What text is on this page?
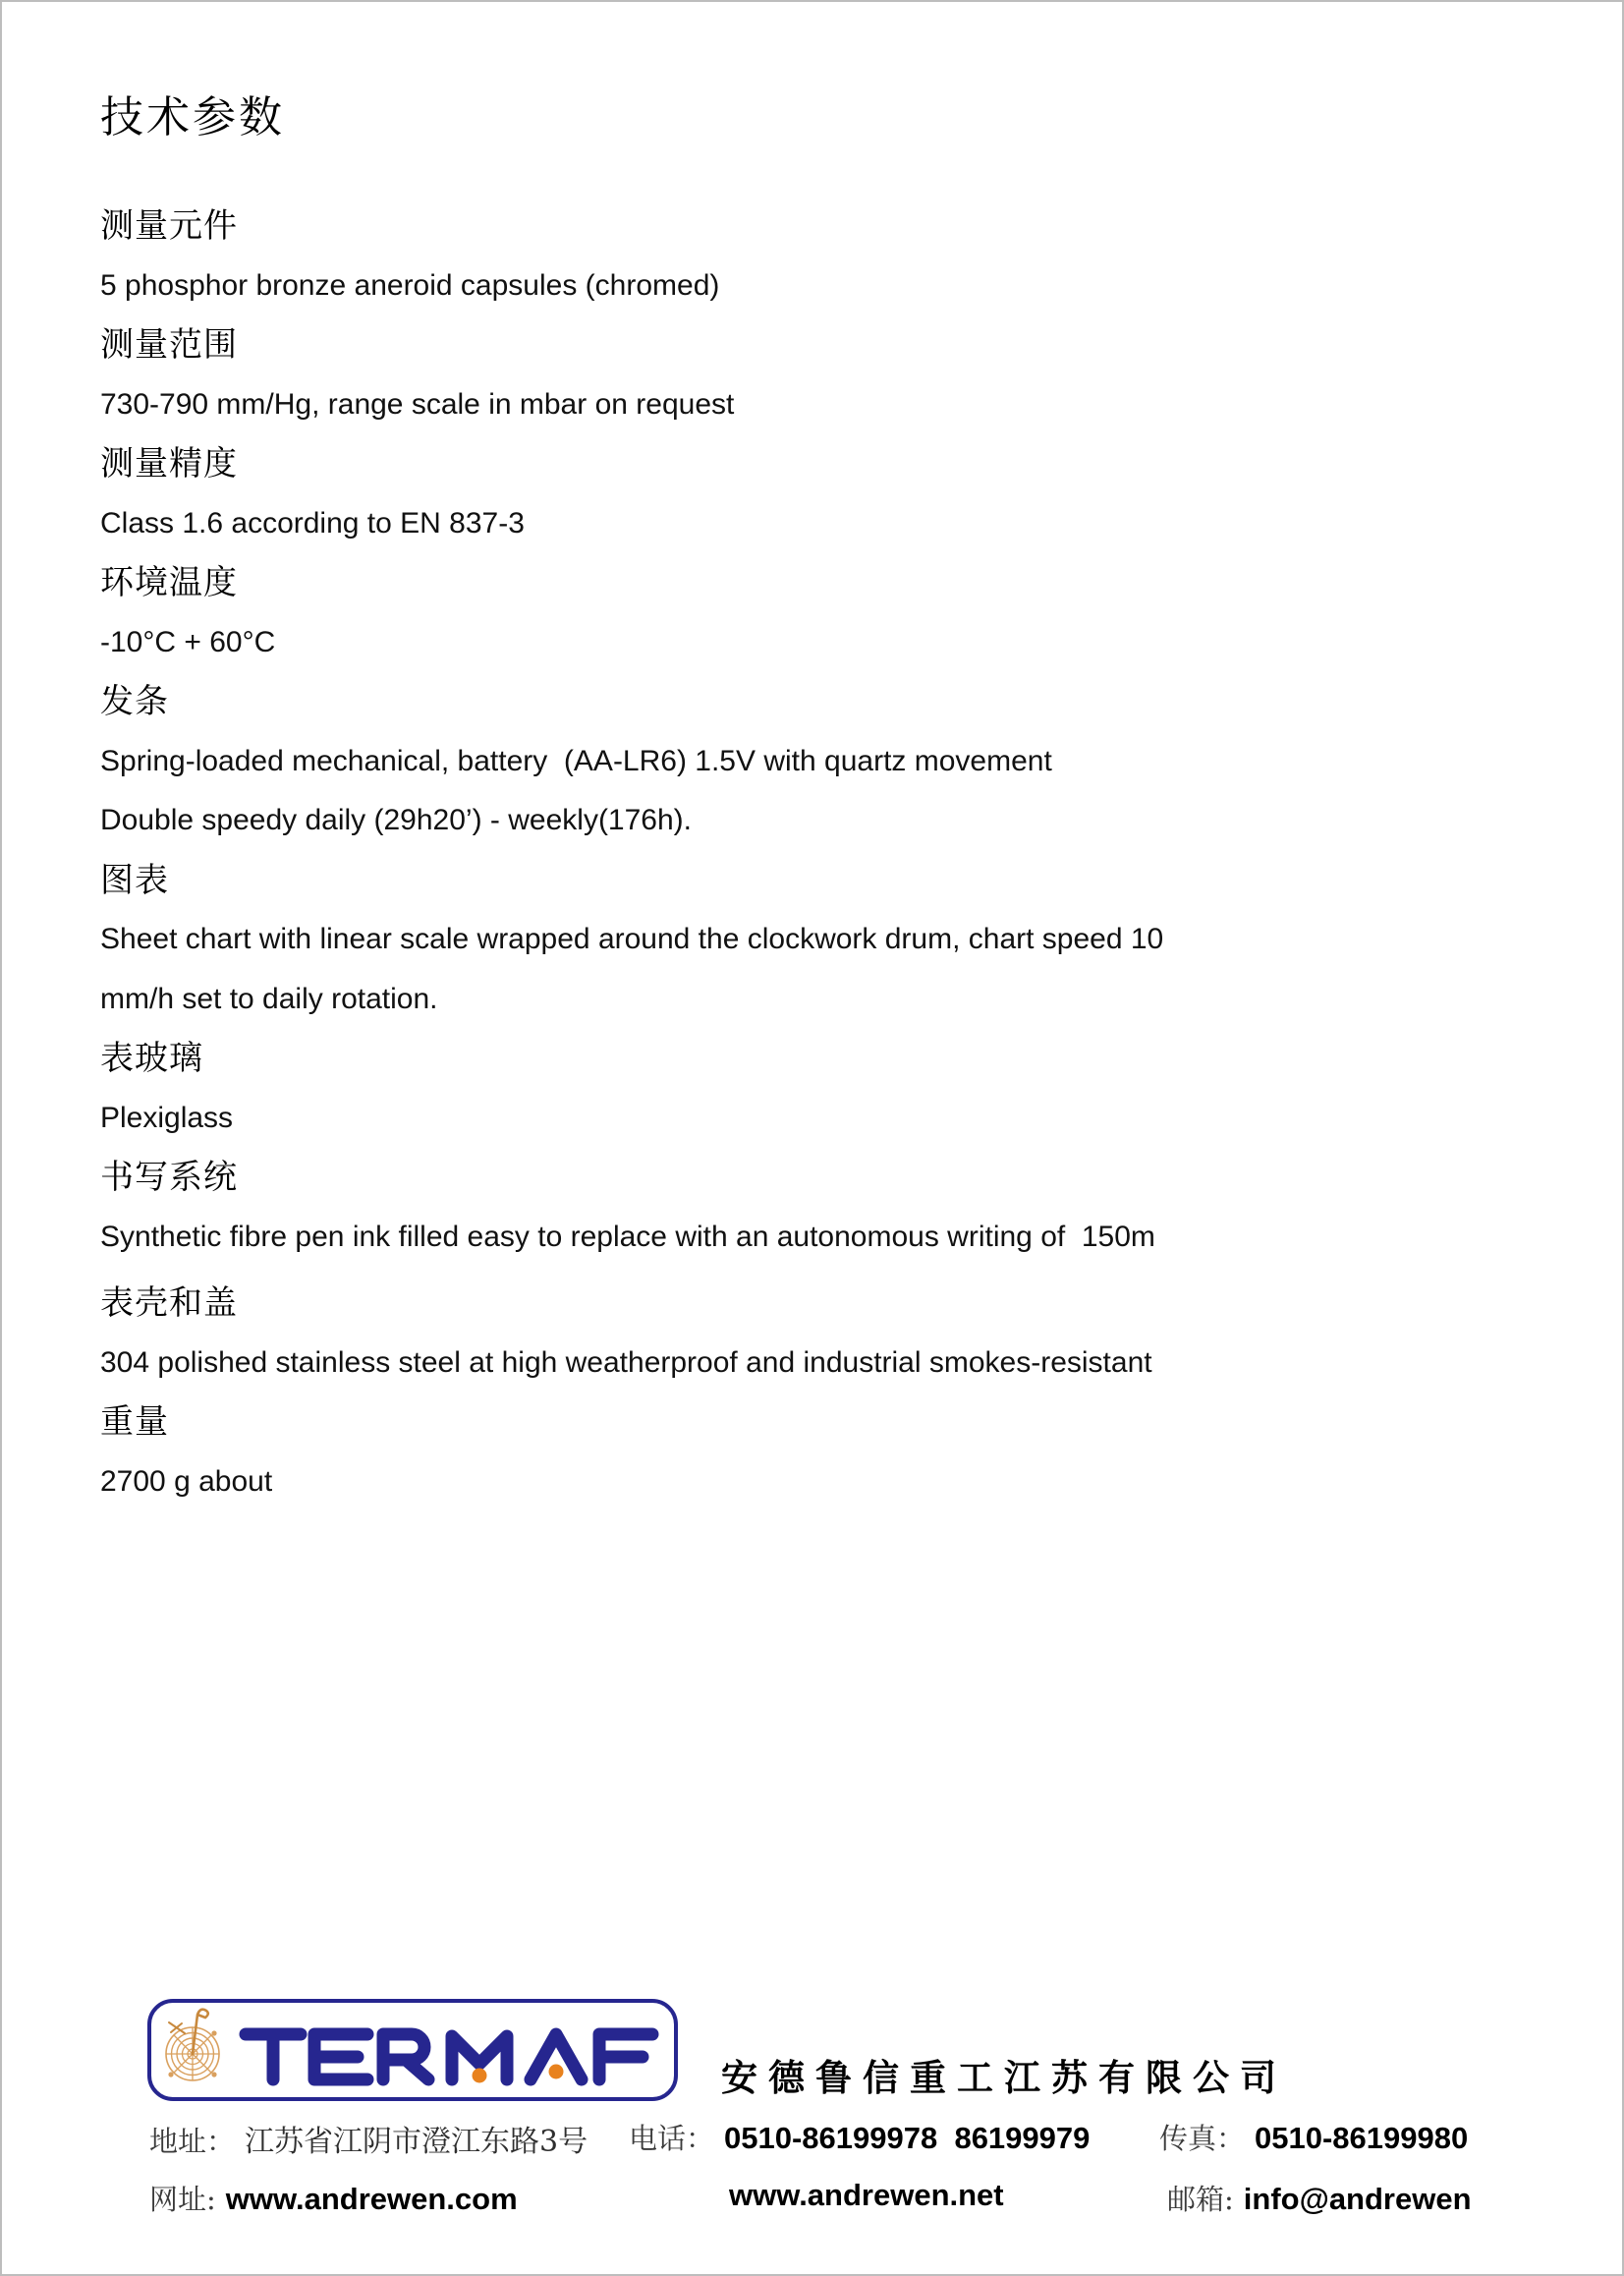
技术参数
测量元件
5 phosphor bronze aneroid capsules (chromed)
测量范围
730-790 mm/Hg, range scale in mbar on request
测量精度
Class 1.6 according to EN 837-3
环境温度
-10°C + 60°C
发条
Spring-loaded mechanical, battery  (AA-LR6) 1.5V with quartz movement
Double speedy daily (29h20’) - weekly(176h).
图表
Sheet chart with linear scale wrapped around the clockwork drum, chart speed 10
mm/h set to daily rotation.
表玻璃
Plexiglass
书写系统
Synthetic fibre pen ink filled easy to replace with an autonomous writing of  150m
表壳和盖
304 polished stainless steel at high weatherproof and industrial smokes-resistant
重量
2700 g about
安德鲁信重工江苏有限公司
地址： 江苏省江阴市澄江东路3号 电话： 0510-86199978  86199979 传真： 0510-86199980
网址: www.andrewen.com	www.andrewen.net	邮箱: info@andrewen
